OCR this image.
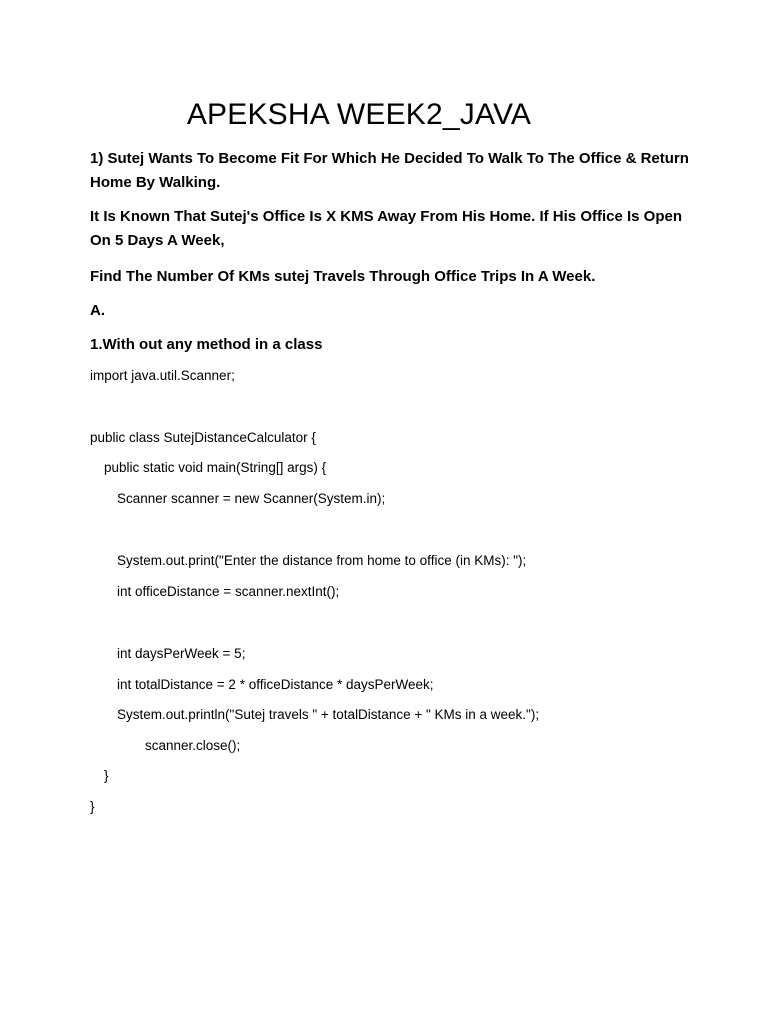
APEKSHA WEEK2_JAVA

1) Sutej Wants To Become Fit For Which He Decided To Walk To The Office & Return Home By Walking.

It Is Known That Sutej's Office Is X KMS Away From His Home. If His Office Is Open On 5 Days A Week,

Find The Number Of KMs sutej Travels Through Office Trips In A Week.

A.

1.With out any method in a class

import java.util.Scanner;

public class SutejDistanceCalculator {

public static void main(String[] args) {

Scanner scanner = new Scanner(System.in);

System.out.print("Enter the distance from home to office (in KMs): ");

int officeDistance = scanner.nextInt();

int daysPerWeek = 5;

int totalDistance = 2 * officeDistance * daysPerWeek;

System.out.println("Sutej travels " + totalDistance + " KMs in a week.");

scanner.close();

}

}
